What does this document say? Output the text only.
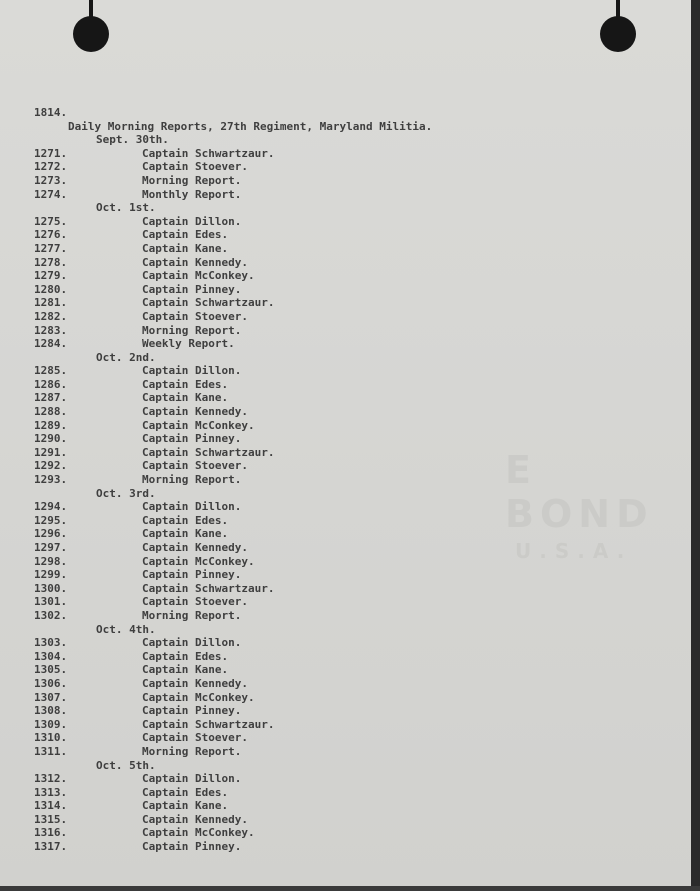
E BOND
U.S.A.
1814.
Daily Morning Reports, 27th Regiment, Maryland Militia.
Sept. 30th.
1271.	Captain Schwartzaur.
1272.	Captain Stoever.
1273.	Morning Report.
1274.	Monthly Report.
Oct. 1st.
1275.	Captain Dillon.
1276.	Captain Edes.
1277.	Captain Kane.
1278.	Captain Kennedy.
1279.	Captain McConkey.
1280.	Captain Pinney.
1281.	Captain Schwartzaur.
1282.	Captain Stoever.
1283.	Morning Report.
1284.	Weekly Report.
Oct. 2nd.
1285.	Captain Dillon.
1286.	Captain Edes.
1287.	Captain Kane.
1288.	Captain Kennedy.
1289.	Captain McConkey.
1290.	Captain Pinney.
1291.	Captain Schwartzaur.
1292.	Captain Stoever.
1293.	Morning Report.
Oct. 3rd.
1294.	Captain Dillon.
1295.	Captain Edes.
1296.	Captain Kane.
1297.	Captain Kennedy.
1298.	Captain McConkey.
1299.	Captain Pinney.
1300.	Captain Schwartzaur.
1301.	Captain Stoever.
1302.	Morning Report.
Oct. 4th.
1303.	Captain Dillon.
1304.	Captain Edes.
1305.	Captain Kane.
1306.	Captain Kennedy.
1307.	Captain McConkey.
1308.	Captain Pinney.
1309.	Captain Schwartzaur.
1310.	Captain Stoever.
1311.	Morning Report.
Oct. 5th.
1312.	Captain Dillon.
1313.	Captain Edes.
1314.	Captain Kane.
1315.	Captain Kennedy.
1316.	Captain McConkey.
1317.	Captain Pinney.
